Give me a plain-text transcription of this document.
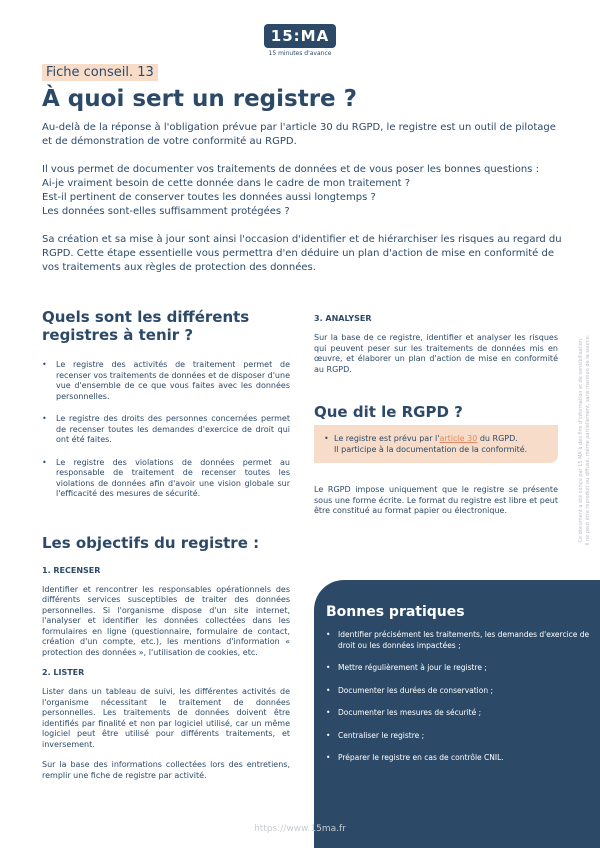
15:MA
15 minutes d'avance
Fiche conseil. 13
À quoi sert un registre ?

Au-delà de la réponse à l'obligation prévue par l'article 30 du RGPD, le registre est un outil de pilotage et de démonstration de votre conformité au RGPD.

Il vous permet de documenter vos traitements de données et de vous poser les bonnes questions :
Ai-je vraiment besoin de cette donnée dans le cadre de mon traitement ?
Est-il pertinent de conserver toutes les données aussi longtemps ?
Les données sont-elles suffisamment protégées ?

Sa création et sa mise à jour sont ainsi l'occasion d'identifier et de hiérarchiser les risques au regard du RGPD. Cette étape essentielle vous permettra d'en déduire un plan d'action de mise en conformité de vos traitements aux règles de protection des données.

Quels sont les différents registres à tenir ?
• Le registre des activités de traitement permet de recenser vos traitements de données et de disposer d'une vue d'ensemble de ce que vous faites avec les données personnelles.
• Le registre des droits des personnes concernées permet de recenser toutes les demandes d'exercice de droit qui ont été faites.
• Le registre des violations de données permet au responsable de traitement de recenser toutes les violations de données afin d'avoir une vision globale sur l'efficacité des mesures de sécurité.
Les objectifs du registre :
1. RECENSER

Identifier et rencontrer les responsables opérationnels des différents services susceptibles de traiter des données personnelles. Si l'organisme dispose d'un site internet, l'analyser et identifier les données collectées dans les formulaires en ligne (questionnaire, formulaire de contact, création d'un compte, etc.), les mentions d'information « protection des données », l'utilisation de cookies, etc.

2. LISTER

Lister dans un tableau de suivi, les différentes activités de l'organisme nécessitant le traitement de données personnelles. Les traitements de données doivent être identifiés par finalité et non par logiciel utilisé, car un même logiciel peut être utilisé pour différents traitements, et inversement.

Sur la base des informations collectées lors des entretiens, remplir une fiche de registre par activité.

3. ANALYSER

Sur la base de ce registre, identifier et analyser les risques qui peuvent peser sur les traitements de données mis en œuvre, et élaborer un plan d'action de mise en conformité au RGPD.

Que dit le RGPD ?
• Le registre est prévu par l'article 30 du RGPD.
Il participe à la documentation de la conformité.

Le RGPD impose uniquement que le registre se présente sous une forme écrite. Le format du registre est libre et peut être constitué au format papier ou électronique.

Bonnes pratiques
• Identifier précisément les traitements, les demandes d'exercice de droit ou les données impactées ;
• Mettre régulièrement à jour le registre ;
• Documenter les durées de conservation ;
• Documenter les mesures de sécurité ;
• Centraliser le registre ;
• Préparer le registre en cas de contrôle CNIL.
Ce document a été conçu par 15 MA à des fins d'information et de sensibilisation. Il ne peut être reproduit ou diffusé, même partiellement, sans mention de la source.
https://www.15ma.fr
